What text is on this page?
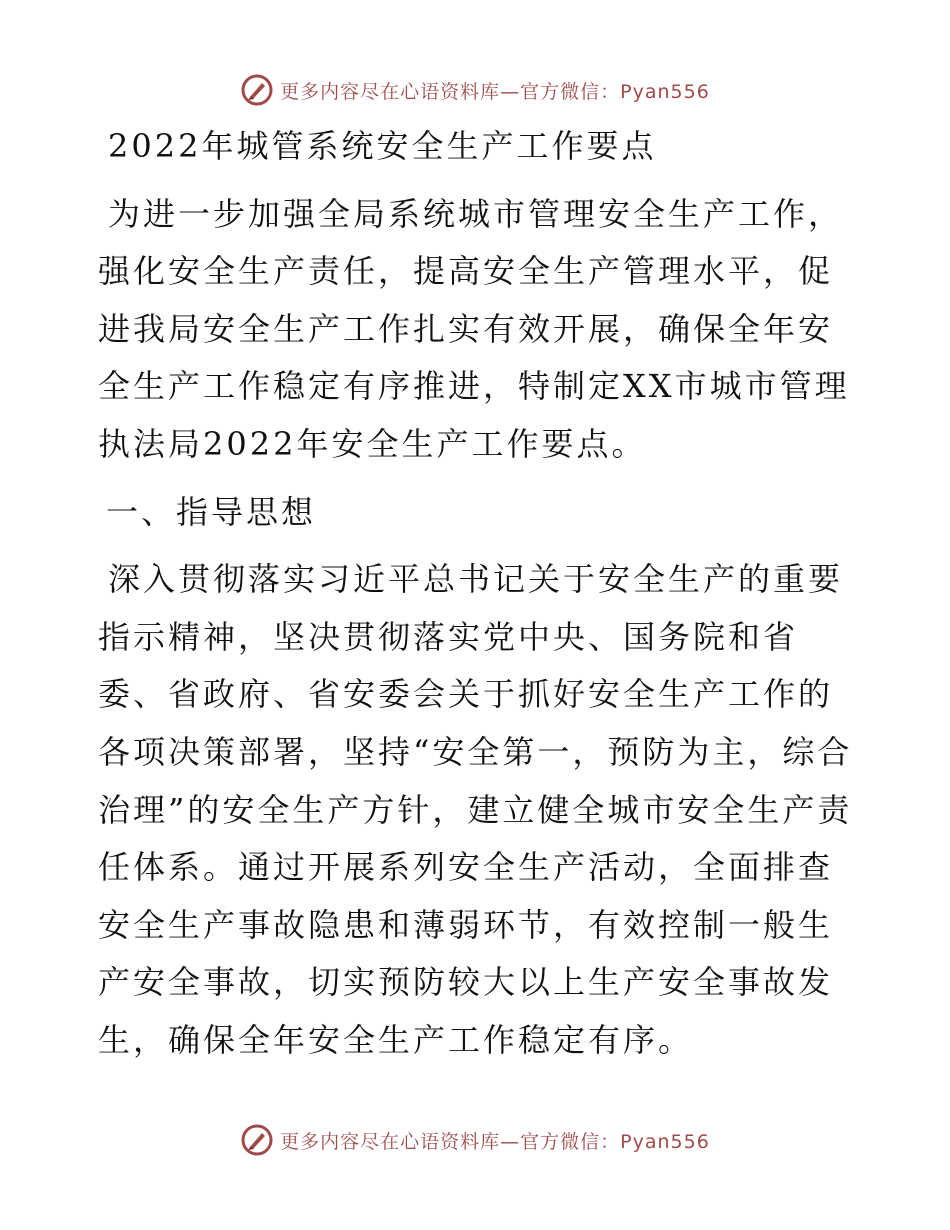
更多内容尽在心语资料库—官方微信：Pyan556

2022年城管系统安全生产工作要点

为进一步加强全局系统城市管理安全生产工作，强化安全生产责任，提高安全生产管理水平，促进我局安全生产工作扎实有效开展，确保全年安全生产工作稳定有序推进，特制定XX市城市管理执法局2022年安全生产工作要点。

一、指导思想

深入贯彻落实习近平总书记关于安全生产的重要指示精神，坚决贯彻落实党中央、国务院和省委、省政府、省安委会关于抓好安全生产工作的各项决策部署，坚持“安全第一，预防为主，综合治理”的安全生产方针，建立健全城市安全生产责任体系。通过开展系列安全生产活动，全面排查安全生产事故隐患和薄弱环节，有效控制一般生产安全事故，切实预防较大以上生产安全事故发生，确保全年安全生产工作稳定有序。

更多内容尽在心语资料库—官方微信：Pyan556
